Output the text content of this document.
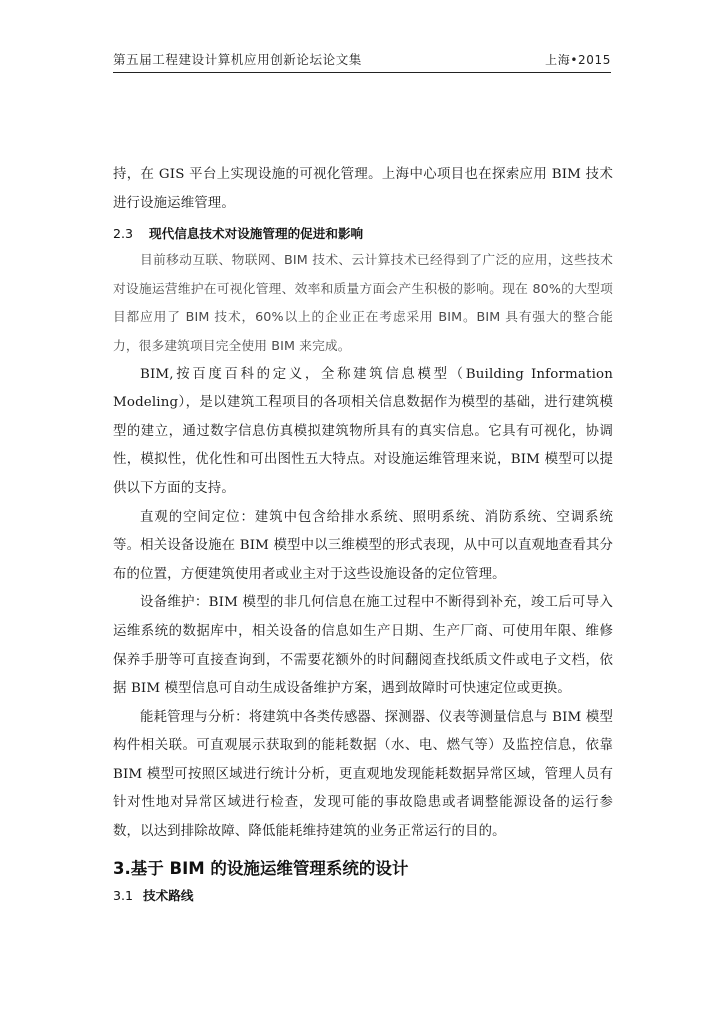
第五届工程建设计算机应用创新论坛论文集	上海•2015

持，在 GIS 平台上实现设施的可视化管理。上海中心项目也在探索应用 BIM 技术进行设施运维管理。

2.3 现代信息技术对设施管理的促进和影响

目前移动互联、物联网、BIM 技术、云计算技术已经得到了广泛的应用，这些技术对设施运营维护在可视化管理、效率和质量方面会产生积极的影响。现在 80%的大型项目都应用了 BIM 技术，60%以上的企业正在考虑采用 BIM。BIM 具有强大的整合能力，很多建筑项目完全使用 BIM 来完成。

BIM,按百度百科的定义，全称建筑信息模型（Building Information Modeling），是以建筑工程项目的各项相关信息数据作为模型的基础，进行建筑模型的建立，通过数字信息仿真模拟建筑物所具有的真实信息。它具有可视化，协调性，模拟性，优化性和可出图性五大特点。对设施运维管理来说，BIM 模型可以提供以下方面的支持。

直观的空间定位：建筑中包含给排水系统、照明系统、消防系统、空调系统等。相关设备设施在 BIM 模型中以三维模型的形式表现，从中可以直观地查看其分布的位置，方便建筑使用者或业主对于这些设施设备的定位管理。

设备维护：BIM 模型的非几何信息在施工过程中不断得到补充，竣工后可导入运维系统的数据库中，相关设备的信息如生产日期、生产厂商、可使用年限、维修保养手册等可直接查询到，不需要花额外的时间翻阅查找纸质文件或电子文档，依据 BIM 模型信息可自动生成设备维护方案，遇到故障时可快速定位或更换。

能耗管理与分析：将建筑中各类传感器、探测器、仪表等测量信息与 BIM 模型构件相关联。可直观展示获取到的能耗数据（水、电、燃气等）及监控信息，依靠 BIM 模型可按照区域进行统计分析，更直观地发现能耗数据异常区域，管理人员有针对性地对异常区域进行检查，发现可能的事故隐患或者调整能源设备的运行参数，以达到排除故障、降低能耗维持建筑的业务正常运行的目的。

3.基于 BIM 的设施运维管理系统的设计
3.1 技术路线
